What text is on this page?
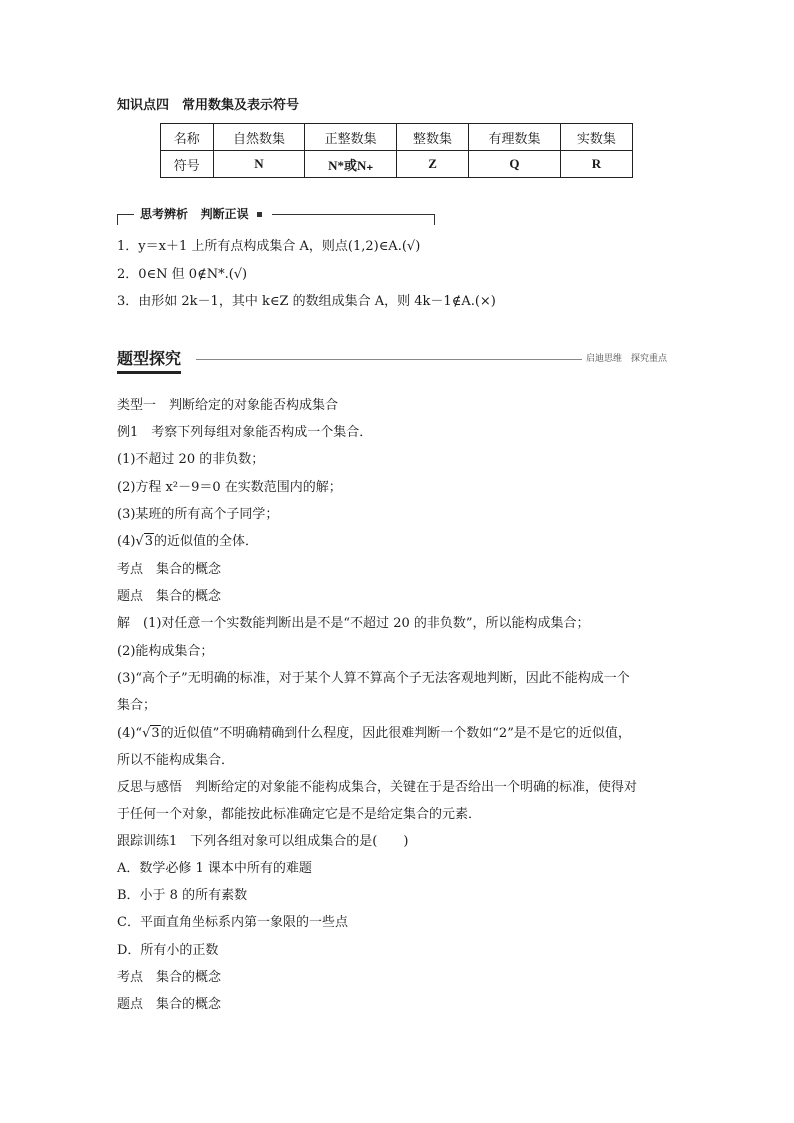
知识点四　常用数集及表示符号
名称	自然数集	正整数集	整数集	有理数集	实数集
符号	N	N*或N₊	Z	Q	R
思考辨析 判断正误
1．y＝x＋1 上所有点构成集合 A，则点(1,2)∈A.(√)
2．0∈N 但 0∉N*.(√)
3．由形如 2k－1，其中 k∈Z 的数组成集合 A，则 4k－1∉A.(×)
题型探究	启迪思维　探究重点
类型一　判断给定的对象能否构成集合
例1　考察下列每组对象能否构成一个集合．
(1)不超过 20 的非负数；
(2)方程 x²－9＝0 在实数范围内的解；
(3)某班的所有高个子同学；
(4)√3的近似值的全体．
考点　集合的概念
题点　集合的概念
解　(1)对任意一个实数能判断出是不是“不超过 20 的非负数”，所以能构成集合；
(2)能构成集合；
(3)“高个子”无明确的标准，对于某个人算不算高个子无法客观地判断，因此不能构成一个
集合；
(4)“√3的近似值”不明确精确到什么程度，因此很难判断一个数如“2”是不是它的近似值，
所以不能构成集合．
反思与感悟　判断给定的对象能不能构成集合，关键在于是否给出一个明确的标准，使得对
于任何一个对象，都能按此标准确定它是不是给定集合的元素．
跟踪训练1　下列各组对象可以组成集合的是(　　)
A．数学必修 1 课本中所有的难题
B．小于 8 的所有素数
C．平面直角坐标系内第一象限的一些点
D．所有小的正数
考点　集合的概念
题点　集合的概念
